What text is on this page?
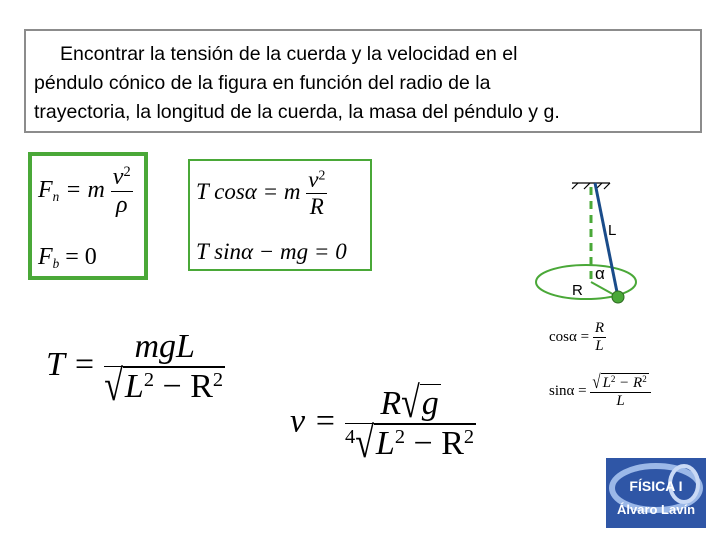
Encontrar la tensión de la cuerda y la velocidad en el
péndulo cónico de la figura en función del radio de la
trayectoria, la longitud de la cuerda, la masa del péndulo y g.
$F_n = m \frac{v^2}{\rho}$
$F_b = 0$
T cosα = m $\frac{v^2}{R}$
T sinα − mg = 0
$T = \frac{\text{mgL}}{√L^2 - R^2}$
$v = \frac{R√g}{^4√L^2 - R^2}$
L
α
R
$\cos\alpha = \frac{R}{L}$
$\sin\alpha = \frac{√ L^2 - R^2}{L}$
FÍSICA I
Álvaro Lavín
